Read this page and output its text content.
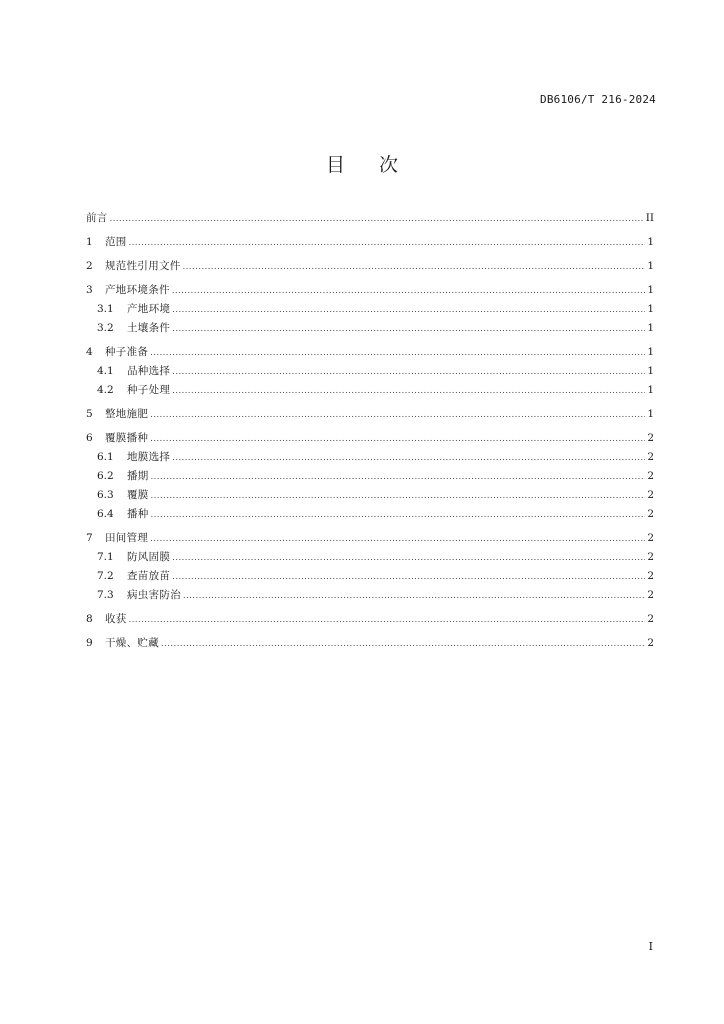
DB6106/T 216-2024
目 次
前言 .....	II
1	范围 .....	1
2	规范性引用文件 .....	1
3	产地环境条件 .....	1
3.1	产地环境 .....	1
3.2	土壤条件 .....	1
4	种子准备 .....	1
4.1	品种选择 .....	1
4.2	种子处理 .....	1
5	整地施肥 .....	1
6	覆膜播种 .....	2
6.1	地膜选择 .....	2
6.2	播期 .....	2
6.3	覆膜 .....	2
6.4	播种 .....	2
7	田间管理 .....	2
7.1	防风固膜 .....	2
7.2	查苗放苗 .....	2
7.3	病虫害防治 .....	2
8	收获 .....	2
9	干燥、贮藏 .....	2
I
